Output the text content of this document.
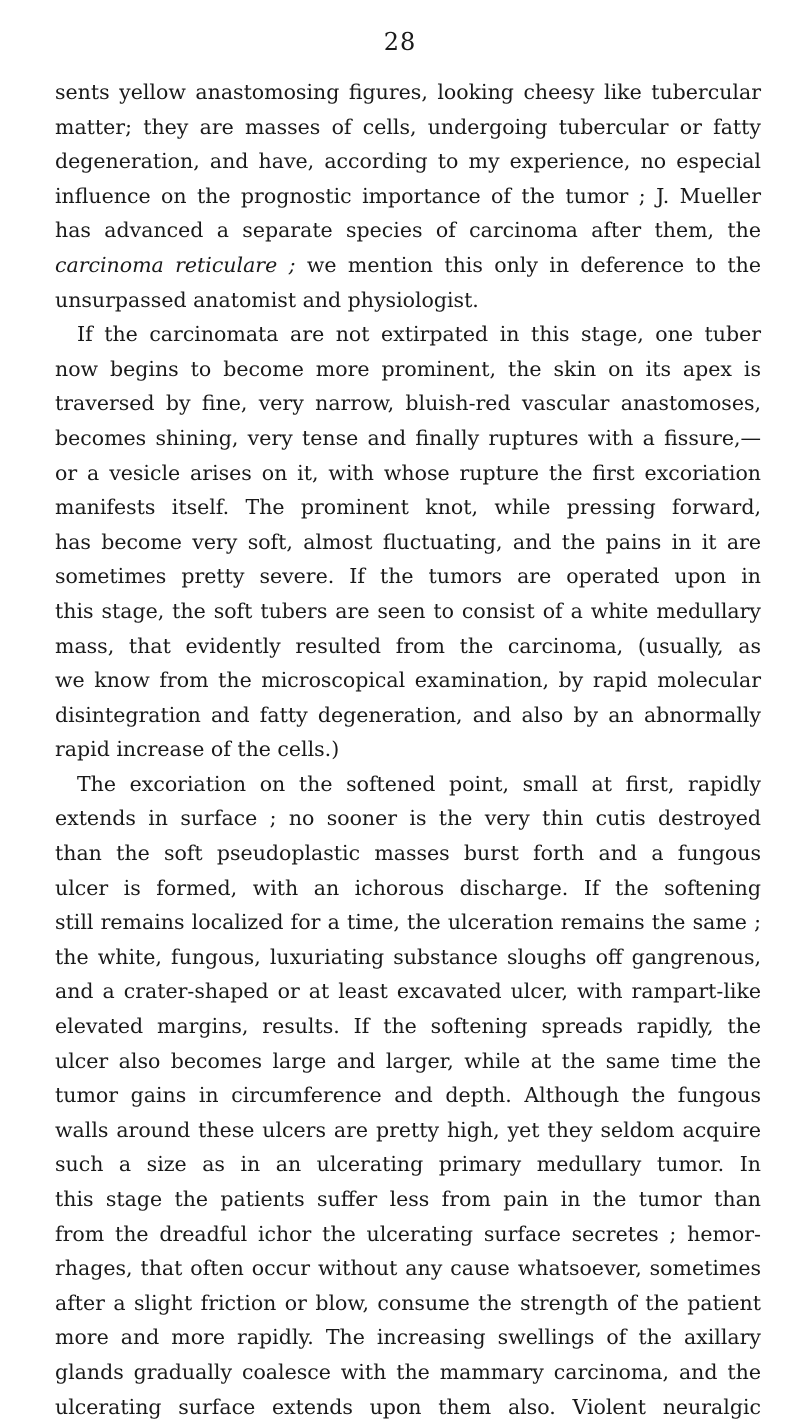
28
sents yellow anastomosing figures, looking cheesy like tubercular
matter; they are masses of cells, undergoing tubercular or fatty
degeneration, and have, according to my experience, no especial
influence on the prognostic importance of the tumor ; J. Mueller
has advanced a separate species of carcinoma after them, the
carcinoma reticulare ; we mention this only in deference to the
unsurpassed anatomist and physiologist.
If the carcinomata are not extirpated in this stage, one tuber
now begins to become more prominent, the skin on its apex is
traversed by fine, very narrow, bluish-red vascular anastomoses,
becomes shining, very tense and finally ruptures with a fissure,—
or a vesicle arises on it, with whose rupture the first excoriation
manifests itself. The prominent knot, while pressing forward,
has become very soft, almost fluctuating, and the pains in it are
sometimes pretty severe. If the tumors are operated upon in
this stage, the soft tubers are seen to consist of a white medullary
mass, that evidently resulted from the carcinoma, (usually, as
we know from the microscopical examination, by rapid molecular
disintegration and fatty degeneration, and also by an abnormally
rapid increase of the cells.)
The excoriation on the softened point, small at first, rapidly
extends in surface ; no sooner is the very thin cutis destroyed
than the soft pseudoplastic masses burst forth and a fungous
ulcer is formed, with an ichorous discharge. If the softening
still remains localized for a time, the ulceration remains the same ;
the white, fungous, luxuriating substance sloughs off gangrenous,
and a crater-shaped or at least excavated ulcer, with rampart-like
elevated margins, results. If the softening spreads rapidly, the
ulcer also becomes large and larger, while at the same time the
tumor gains in circumference and depth. Although the fungous
walls around these ulcers are pretty high, yet they seldom acquire
such a size as in an ulcerating primary medullary tumor. In
this stage the patients suffer less from pain in the tumor than
from the dreadful ichor the ulcerating surface secretes ; hemor-
rhages, that often occur without any cause whatsoever, sometimes
after a slight friction or blow, consume the strength of the patient
more and more rapidly. The increasing swellings of the axillary
glands gradually coalesce with the mammary carcinoma, and the
ulcerating surface extends upon them also. Violent neuralgic
